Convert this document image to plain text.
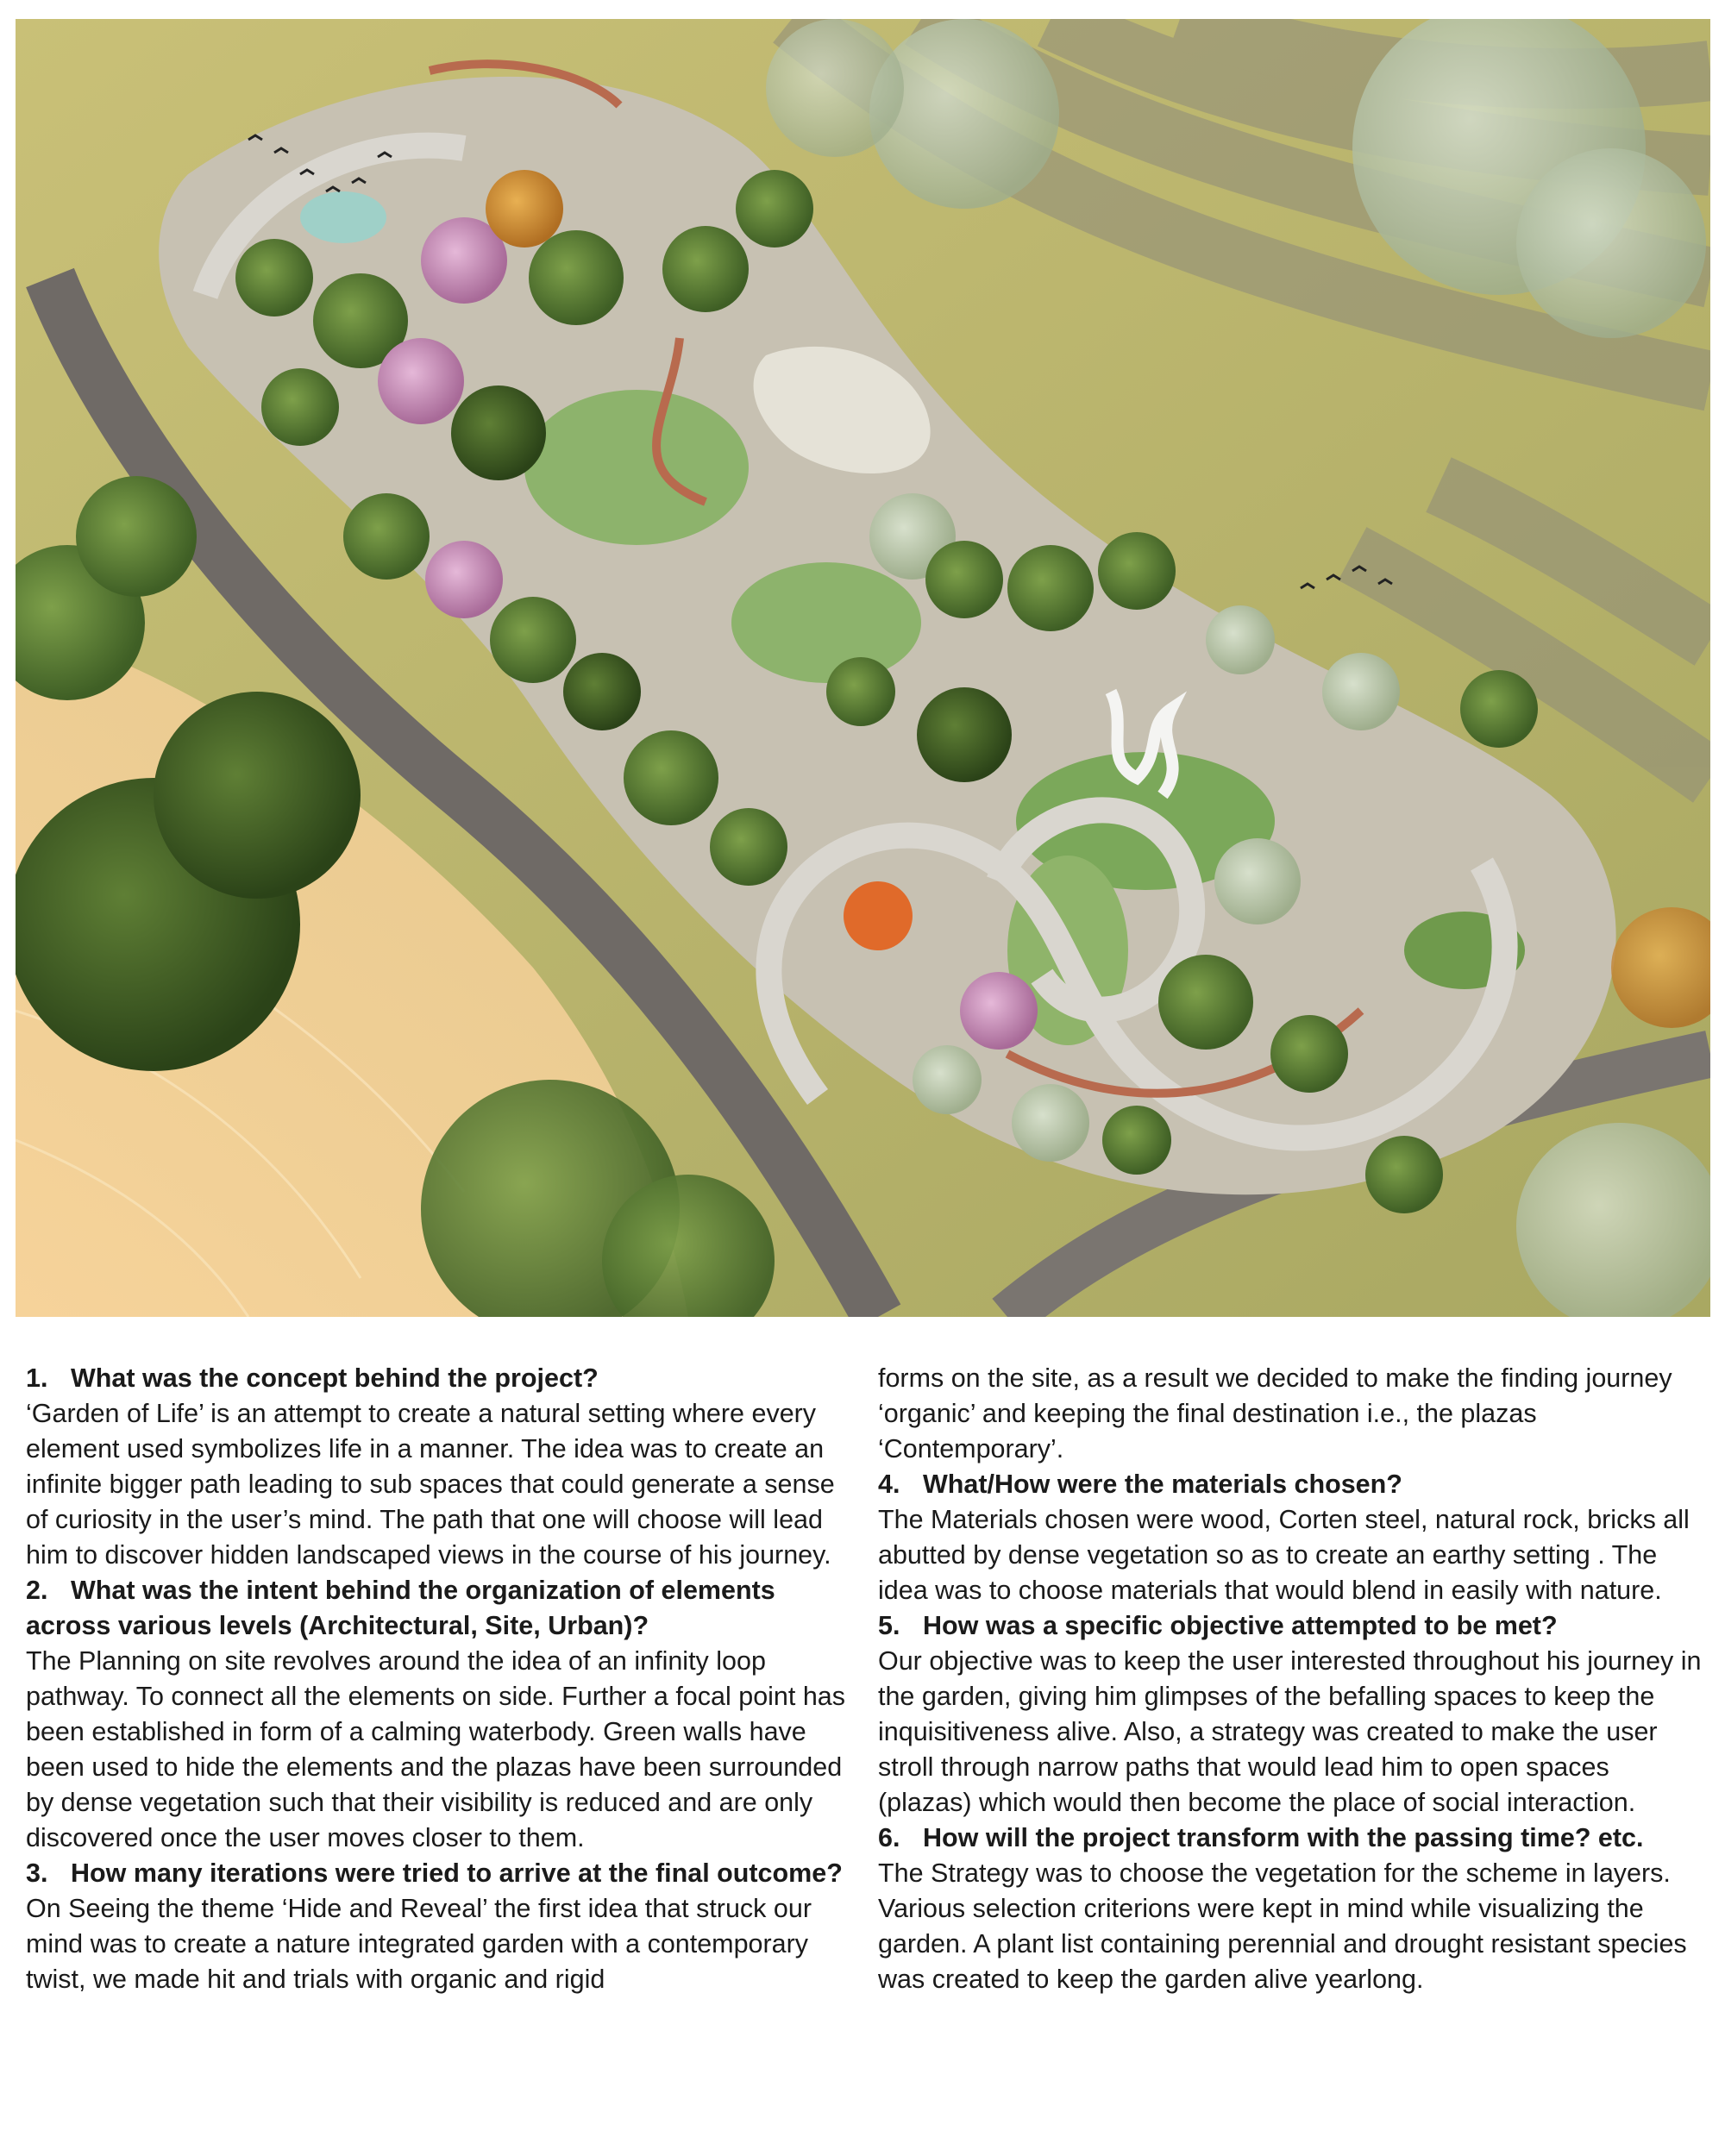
1. What was the concept behind the project?

‘Garden of Life’ is an attempt to create a natural setting where every element used symbolizes life in a manner. The idea was to create an infinite bigger path leading to sub spaces that could generate a sense of curiosity in the user’s mind. The path that one will choose will lead him to discover hidden landscaped views in the course of his journey.

2. What was the intent behind the organization of elements across various levels (Architectural, Site, Urban)?

The Planning on site revolves around the idea of an infinity loop pathway. To connect all the elements on side. Further a focal point has been established in form of a calming waterbody. Green walls have been used to hide the elements and the plazas have been surrounded by dense vegetation such that their visibility is reduced and are only discovered once the user moves closer to them.

3. How many iterations were tried to arrive at the final outcome?

On Seeing the theme ‘Hide and Reveal’ the first idea that struck our mind was to create a nature integrated garden with a contemporary twist, we made hit and trials with organic and rigid

forms on the site, as a result we decided to make the finding journey ‘organic’ and keeping the final destination i.e., the plazas ‘Contemporary’.

4. What/How were the materials chosen?

The Materials chosen were wood, Corten steel, natural rock, bricks all abutted by dense vegetation so as to create an earthy setting . The idea was to choose materials that would blend in easily with nature.

5. How was a specific objective attempted to be met?

Our objective was to keep the user interested throughout his journey in the garden, giving him glimpses of the befalling spaces to keep the inquisitiveness alive. Also, a strategy was created to make the user stroll through narrow paths that would lead him to open spaces (plazas) which would then become the place of social interaction.

6. How will the project transform with the passing time? etc.

The Strategy was to choose the vegetation for the scheme in layers. Various selection criterions were kept in mind while visualizing the garden. A plant list containing perennial and drought resistant species was created to keep the garden alive yearlong.
